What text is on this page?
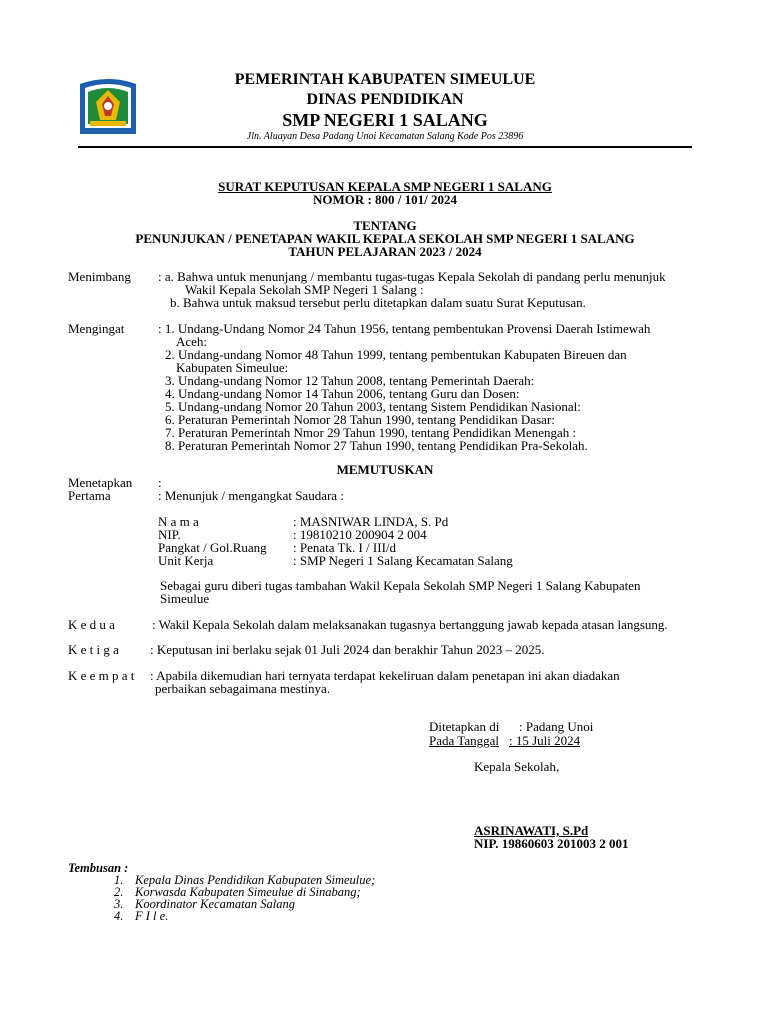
PEMERINTAH KABUPATEN SIMEULUE
DINAS PENDIDIKAN
SMP NEGERI 1 SALANG
Jln. Aluayan Desa Padang Unoi Kecamatan Salang Kode Pos 23896
SURAT KEPUTUSAN KEPALA SMP NEGERI 1 SALANG
NOMOR : 800 / 101/ 2024
TENTANG
PENUNJUKAN / PENETAPAN WAKIL KEPALA SEKOLAH SMP NEGERI 1 SALANG
TAHUN PELAJARAN 2023 / 2024
Menimbang : a. Bahwa untuk menunjang / membantu tugas-tugas Kepala Sekolah di pandang perlu menunjuk
Wakil Kepala Sekolah SMP Negeri 1 Salang :
b. Bahwa untuk maksud tersebut perlu ditetapkan dalam suatu Surat Keputusan.
Mengingat	: 1. Undang-Undang Nomor 24 Tahun 1956, tentang pembentukan Provensi Daerah Istimewah
Aceh:
2. Undang-undang Nomor 48 Tahun 1999, tentang pembentukan Kabupaten Bireuen dan
Kabupaten Simeulue:
3. Undang-undang Nomor 12 Tahun 2008, tentang Pemerintah Daerah:
4. Undang-undang Nomor 14 Tahun 2006, tentang Guru dan Dosen:
5. Undang-undang Nomor 20 Tahun 2003, tentang Sistem Pendidikan Nasional:
6. Peraturan Pemerintah Nomor 28 Tahun 1990, tentang Pendidikan Dasar:
7. Peraturan Pemerintah Nmor 29 Tahun 1990, tentang Pendidikan Menengah :
8. Peraturan Pemerintah Nomor 27 Tahun 1990, tentang Pendidikan Pra-Sekolah.
MEMUTUSKAN
Menetapkan :
Pertama	: Menunjuk / mengangkat Saudara :
N a m a	: MASNIWAR LINDA, S. Pd
NIP.	: 19810210 200904 2 004
Pangkat / Gol.Ruang : Penata Tk. I / III/d
Unit Kerja	: SMP Negeri 1 Salang Kecamatan Salang
Sebagai guru diberi tugas tambahan Wakil Kepala Sekolah SMP Negeri 1 Salang Kabupaten
Simeulue
K e d u a	: Wakil Kepala Sekolah dalam melaksanakan tugasnya bertanggung jawab kepada atasan langsung.
K e t i g a : Keputusan ini berlaku sejak 01 Juli 2024 dan berakhir Tahun 2023 – 2025.
K e e m p a t : Apabila dikemudian hari ternyata terdapat kekeliruan dalam penetapan ini akan diadakan
perbaikan sebagaimana mestinya.
Ditetapkan di : Padang Unoi
Pada Tanggal : 15 Juli 2024
Kepala Sekolah,
ASRINAWATI, S.Pd
NIP. 19860603 201003 2 001
Tembusan :
1. Kepala Dinas Pendidikan Kabupaten Simeulue;
2. Korwasda Kabupaten Simeulue di Sinabang;
3. Koordinator Kecamatan Salang
4. F I l e.
